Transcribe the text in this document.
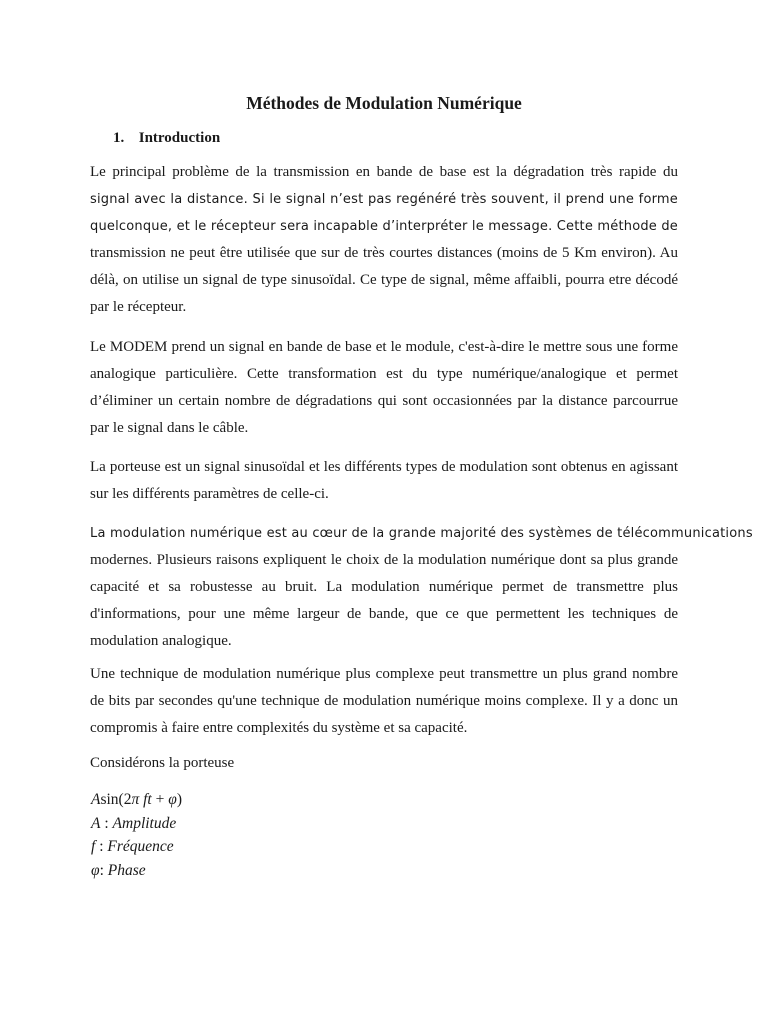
Méthodes de Modulation Numérique
1. Introduction

Le principal problème de la transmission en bande de base est la dégradation très rapide du
signal avec la distance. Si le signal n’est pas regénéré très souvent, il prend une forme
quelconque, et le récepteur sera incapable d’interpréter le message. Cette méthode de
transmission ne peut être utilisée que sur de très courtes distances (moins de 5 Km environ). Au
délà, on utilise un signal de type sinusoïdal. Ce type de signal, même affaibli, pourra etre décodé
par le récepteur.

Le MODEM prend un signal en bande de base et le module, c'est-à-dire le mettre sous une forme
analogique particulière. Cette transformation est du type numérique/analogique et permet
d’éliminer un certain nombre de dégradations qui sont occasionnées par la distance parcourrue
par le signal dans le câble.

La porteuse est un signal sinusoïdal et les différents types de modulation sont obtenus en agissant
sur les différents paramètres de celle-ci.

La modulation numérique est au cœur de la grande majorité des systèmes de télécommunications
modernes. Plusieurs raisons expliquent le choix de la modulation numérique dont sa plus grande
capacité et sa robustesse au bruit. La modulation numérique permet de transmettre plus
d'informations, pour une même largeur de bande, que ce que permettent les techniques de
modulation analogique.

Une technique de modulation numérique plus complexe peut transmettre un plus grand nombre
de bits par secondes qu'une technique de modulation numérique moins complexe. Il y a donc un
compromis à faire entre complexités du système et sa capacité.

Considérons la porteuse

Asin(2π ft + φ)
A : Amplitude
f : Fréquence
φ: Phase
